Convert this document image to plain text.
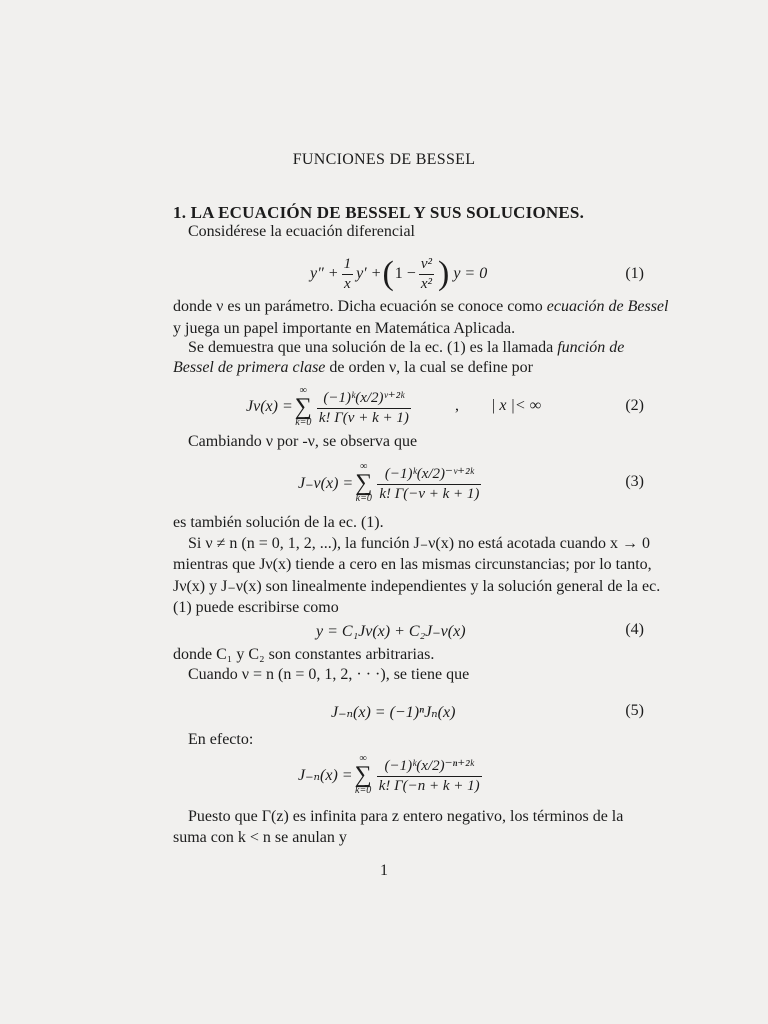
FUNCIONES DE BESSEL
1. LA ECUACIÓN DE BESSEL Y SUS SOLUCIONES.
Considérese la ecuación diferencial
$y'' + \frac{1}{x} y'$ + ( $1 - \frac{\text{ν²}}{\text{x²}}$ ) y = 0	(1)
donde ν es un parámetro. Dicha ecuación se conoce como ecuación de Bessel
y juega un papel importante en Matemática Aplicada.
Se demuestra que una solución de la ec. (1) es la llamada función de
Bessel de primera clase de orden ν, la cual se define por
Jν(x) =
∞
∑
$k=0 \frac{\text{(−1)ᵏ(x/2)ᵛ⁺²ᵏ}}{k! \Gamma(\nu + k + 1)}$	, | x |< ∞	(2)
Cambiando ν por -ν, se observa que
J₋ν(x) =
∞
∑
$k=0 \frac{\text{(−1)ᵏ(x/2)⁻ᵛ⁺²ᵏ}}{k! \Gamma(-\nu + k + 1)}$	(3)
es también solución de la ec. (1).
Si ν ≠ n (n = 0, 1, 2, ...), la función J₋ν(x) no está acotada cuando x → 0
mientras que Jν(x) tiende a cero en las mismas circunstancias; por lo tanto,
Jν(x) y J₋ν(x) son linealmente independientes y la solución general de la ec.
(1) puede escribirse como
y = C₁Jν(x) + C₂J₋ν(x)	(4)
donde C₁ y C₂ son constantes arbitrarias.
Cuando ν = n (n = 0, 1, 2, · · ·), se tiene que
J₋ₙ(x) = (−1)ⁿJₙ(x)	(5)
En efecto:
J₋ₙ(x) =
∞
∑
$k=0 \frac{\text{(−1)ᵏ(x/2)⁻ⁿ⁺²ᵏ}}{k! \Gamma(-n + k + 1)}$
Puesto que Γ(z) es infinita para z entero negativo, los términos de la
suma con k < n se anulan y
1
